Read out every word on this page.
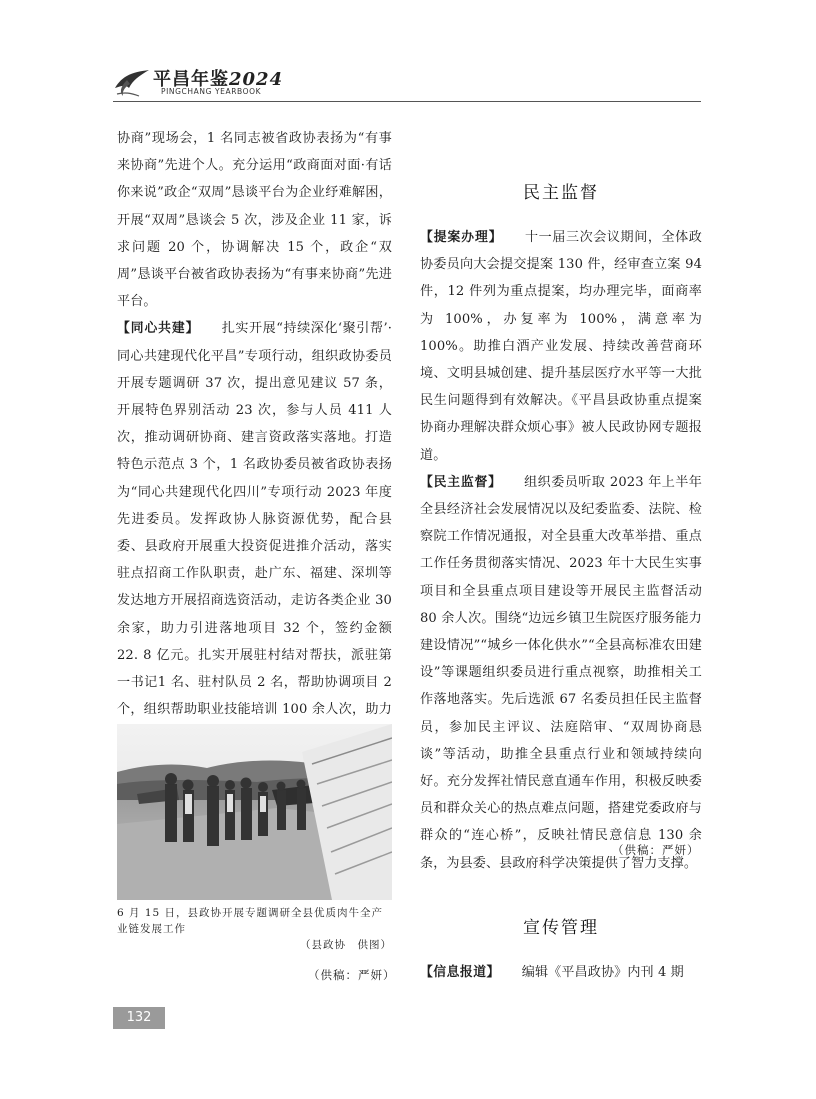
平昌年鉴2024
PINGCHANG YEARBOOK

协商”现场会，1 名同志被省政协表扬为“有事来协商”先进个人。充分运用“政商面对面·有话你来说”政企“双周”恳谈平台为企业纾难解困，开展“双周”恳谈会 5 次，涉及企业 11 家，诉求问题 20 个，协调解决 15 个，政企“双周”恳谈平台被省政协表扬为“有事来协商”先进平台。

【同心共建】 扎实开展“持续深化‘聚引帮’·同心共建现代化平昌”专项行动，组织政协委员开展专题调研 37 次，提出意见建议 57 条，开展特色界别活动 23 次，参与人员 411 人次，推动调研协商、建言资政落实落地。打造特色示范点 3 个，1 名政协委员被省政协表扬为“同心共建现代化四川”专项行动 2023 年度先进委员。发挥政协人脉资源优势，配合县委、县政府开展重大投资促进推介活动，落实驻点招商工作队职责，赴广东、福建、深圳等发达地方开展招商选资活动，走访各类企业 30 余家，助力引进落地项目 32 个，签约金额 22. 8 亿元。扎实开展驻村结对帮扶，派驻第一书记1 名、驻村队员 2 名，帮助协调项目 2 个，组织帮助职业技能培训 100 余人次，助力

6 月 15 日，县政协开展专题调研全县优质肉牛全产业链发展工作
（县政协　供图）
（供稿：严妍）
民主监督

【提案办理】 十一届三次会议期间，全体政协委员向大会提交提案 130 件，经审查立案 94 件，12 件列为重点提案，均办理完毕，面商率为 100%，办复率为 100%，满意率为 100%。助推白酒产业发展、持续改善营商环境、文明县城创建、提升基层医疗水平等一大批民生问题得到有效解决。《平昌县政协重点提案协商办理解决群众烦心事》被人民政协网专题报道。

【民主监督】 组织委员听取 2023 年上半年全县经济社会发展情况以及纪委监委、法院、检察院工作情况通报，对全县重大改革举措、重点工作任务贯彻落实情况、2023 年十大民生实事项目和全县重点项目建设等开展民主监督活动 80 余人次。围绕“边远乡镇卫生院医疗服务能力建设情况”“城乡一体化供水”“全县高标准农田建设”等课题组织委员进行重点视察，助推相关工作落地落实。先后选派 67 名委员担任民主监督员，参加民主评议、法庭陪审、“双周协商恳谈”等活动，助推全县重点行业和领域持续向好。充分发挥社情民意直通车作用，积极反映委员和群众关心的热点难点问题，搭建党委政府与群众的“连心桥”，反映社情民意信息 130 余条，为县委、县政府科学决策提供了智力支撑。

（供稿：严妍）
宣传管理

【信息报道】 编辑《平昌政协》内刊 4 期

132
